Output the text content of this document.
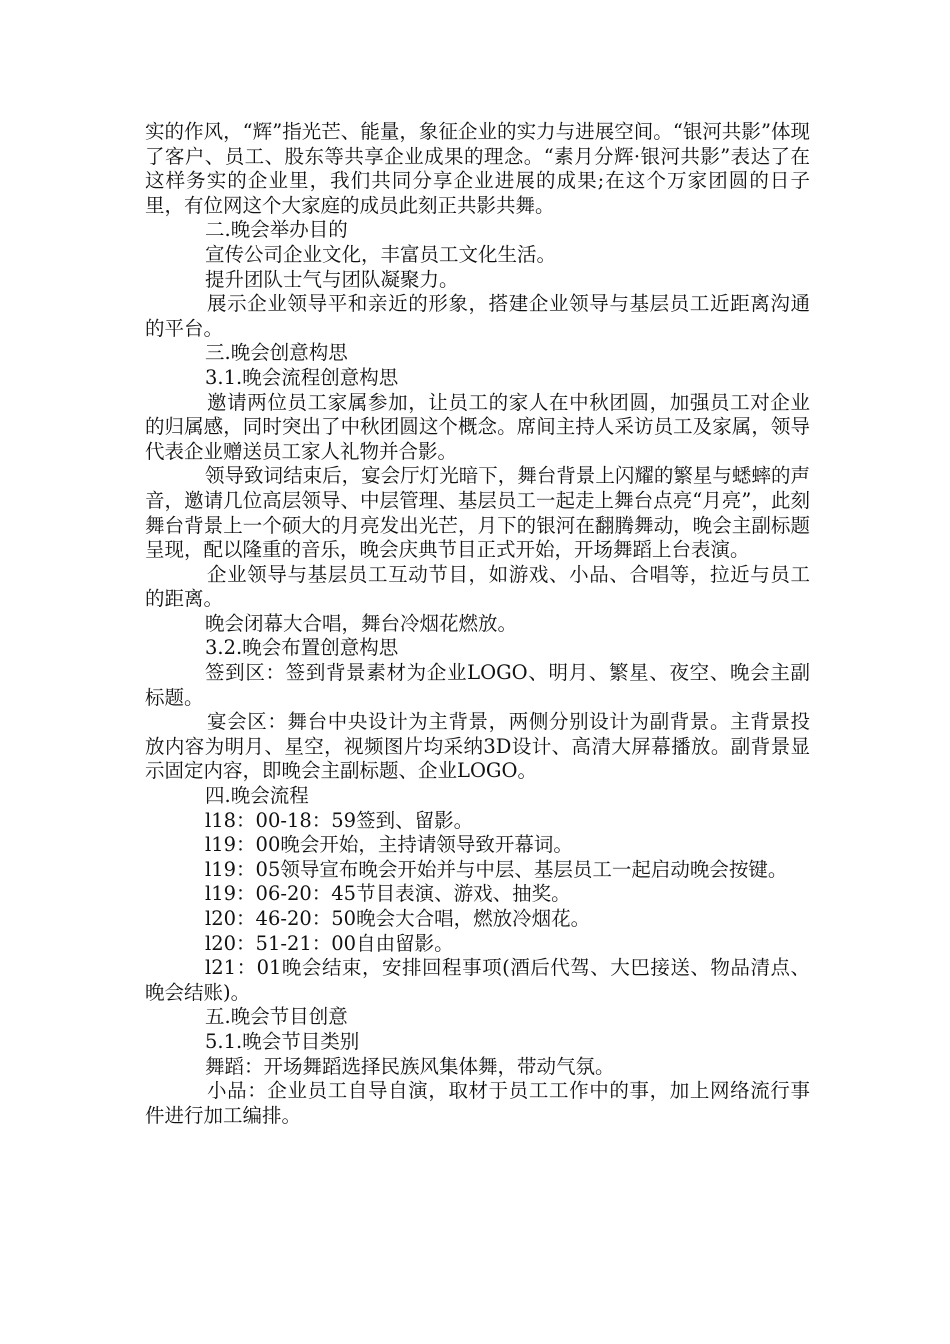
实的作风，“辉”指光芒、能量，象征企业的实力与进展空间。“银河共影”体现了客户、员工、股东等共享企业成果的理念。“素月分辉·银河共影”表达了在这样务实的企业里，我们共同分享企业进展的成果;在这个万家团圆的日子里，有位网这个大家庭的成员此刻正共影共舞。

二.晚会举办目的

宣传公司企业文化，丰富员工文化生活。

提升团队士气与团队凝聚力。

展示企业领导平和亲近的形象，搭建企业领导与基层员工近距离沟通的平台。

三.晚会创意构思

3.1.晚会流程创意构思

邀请两位员工家属参加，让员工的家人在中秋团圆，加强员工对企业的归属感，同时突出了中秋团圆这个概念。席间主持人采访员工及家属，领导代表企业赠送员工家人礼物并合影。

领导致词结束后，宴会厅灯光暗下，舞台背景上闪耀的繁星与蟋蟀的声音，邀请几位高层领导、中层管理、基层员工一起走上舞台点亮“月亮”，此刻舞台背景上一个硕大的月亮发出光芒，月下的银河在翻腾舞动，晚会主副标题呈现，配以隆重的音乐，晚会庆典节目正式开始，开场舞蹈上台表演。

企业领导与基层员工互动节目，如游戏、小品、合唱等，拉近与员工的距离。

晚会闭幕大合唱，舞台冷烟花燃放。

3.2.晚会布置创意构思

签到区：签到背景素材为企业LOGO、明月、繁星、夜空、晚会主副标题。

宴会区：舞台中央设计为主背景，两侧分别设计为副背景。主背景投放内容为明月、星空，视频图片均采纳3D设计、高清大屏幕播放。副背景显示固定内容，即晚会主副标题、企业LOGO。

四.晚会流程

l18：00-18：59签到、留影。

l19：00晚会开始，主持请领导致开幕词。

l19：05领导宣布晚会开始并与中层、基层员工一起启动晚会按键。

l19：06-20：45节目表演、游戏、抽奖。

l20：46-20：50晚会大合唱，燃放冷烟花。

l20：51-21：00自由留影。

l21：01晚会结束，安排回程事项(酒后代驾、大巴接送、物品清点、晚会结账)。

五.晚会节目创意

5.1.晚会节目类别

舞蹈：开场舞蹈选择民族风集体舞，带动气氛。

小品：企业员工自导自演，取材于员工工作中的事，加上网络流行事件进行加工编排。
